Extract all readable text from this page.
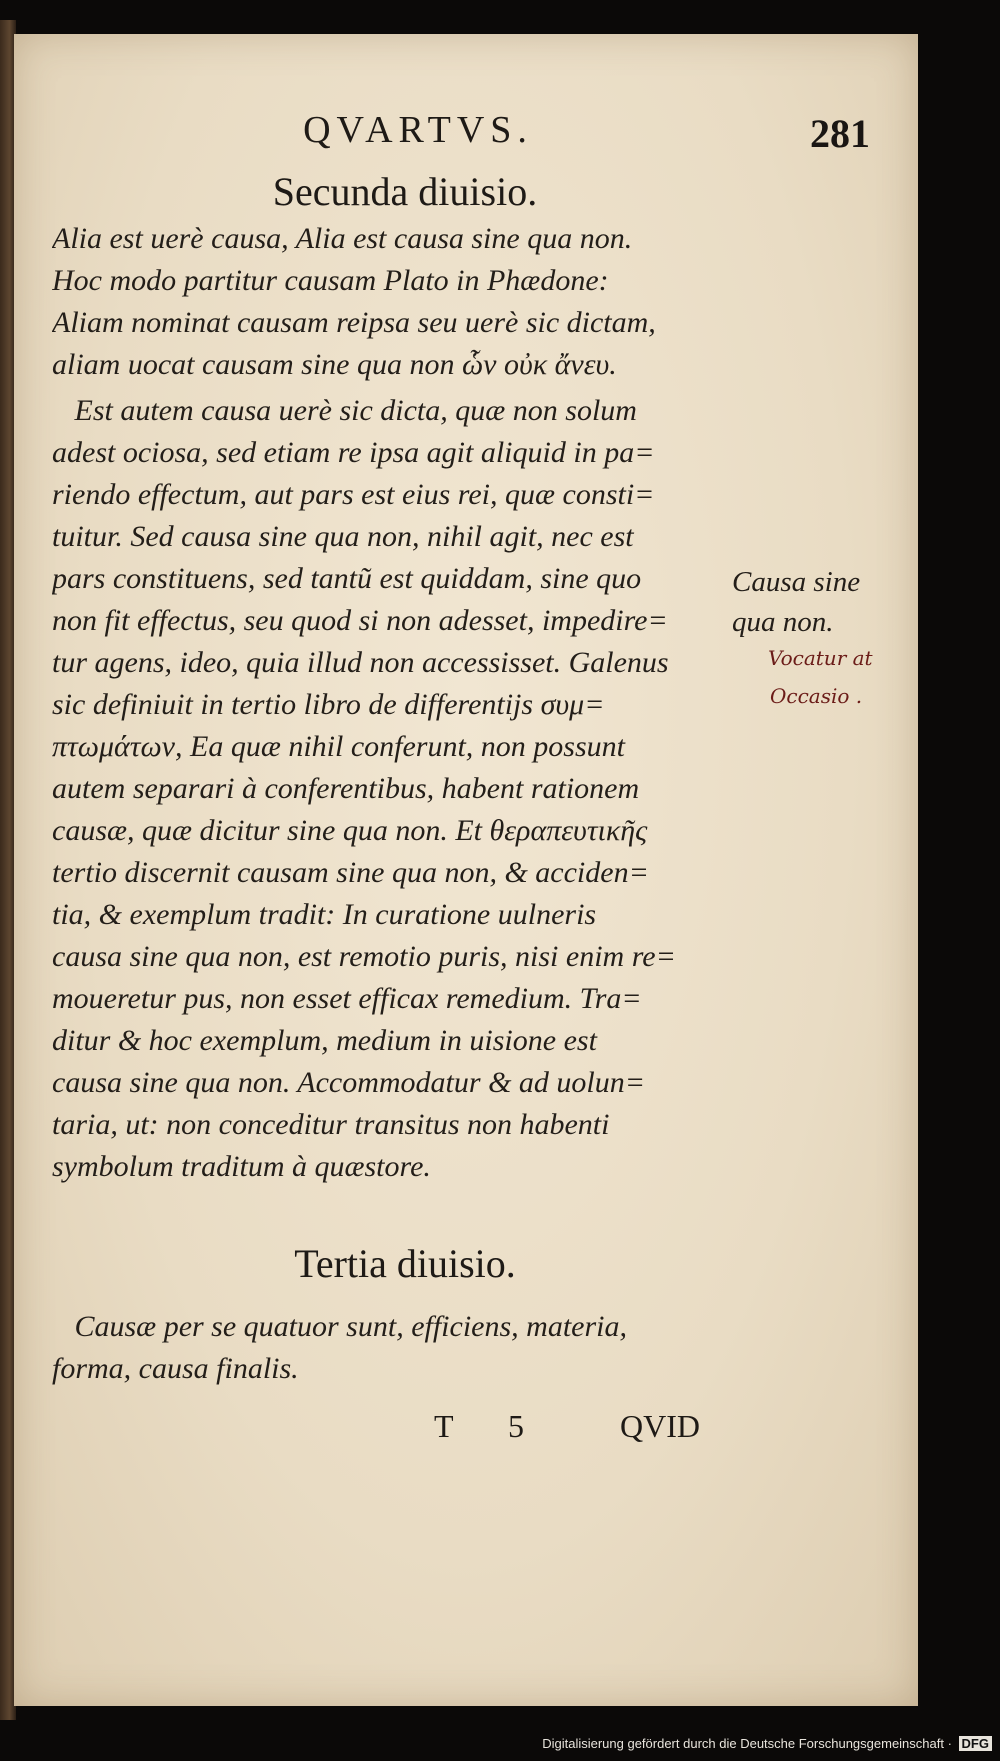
QVARTVS.	281
Secunda diuisio.
Alia est uerè causa, Alia est causa sine qua non.
Hoc modo partitur causam Plato in Phædone:
Aliam nominat causam reipsa seu uerè sic dictam,
aliam uocat causam sine qua non ὧν οὐκ ἄνευ.
Est autem causa uerè sic dicta, quæ non solum
adest ociosa, sed etiam re ipsa agit aliquid in pa=
riendo effectum, aut pars est eius rei, quæ consti=
tuitur. Sed causa sine qua non, nihil agit, nec est
pars constituens, sed tantũ est quiddam, sine quo
non fit effectus, seu quod si non adesset, impedire=
tur agens, ideo, quia illud non accessisset. Galenus
sic definiuit in tertio libro de differentijs συμ=
πτωμάτων, Ea quæ nihil conferunt, non possunt
autem separari à conferentibus, habent rationem
causæ, quæ dicitur sine qua non. Et θεραπευτικῆς
tertio discernit causam sine qua non, & acciden=
tia, & exemplum tradit: In curatione uulneris
causa sine qua non, est remotio puris, nisi enim re=
moueretur pus, non esset efficax remedium. Tra=
ditur & hoc exemplum, medium in uisione est
causa sine qua non. Accommodatur & ad uolun=
taria, ut: non conceditur transitus non habenti
symbolum traditum à quæstore.
Causa sine
qua non.
Vocatur at
Occasio .
Tertia diuisio.
Causæ per se quatuor sunt, efficiens, materia,
forma, causa finalis.
T 5	QVID
Digitalisierung gefördert durch die Deutsche Forschungsgemeinschaft · DFG
